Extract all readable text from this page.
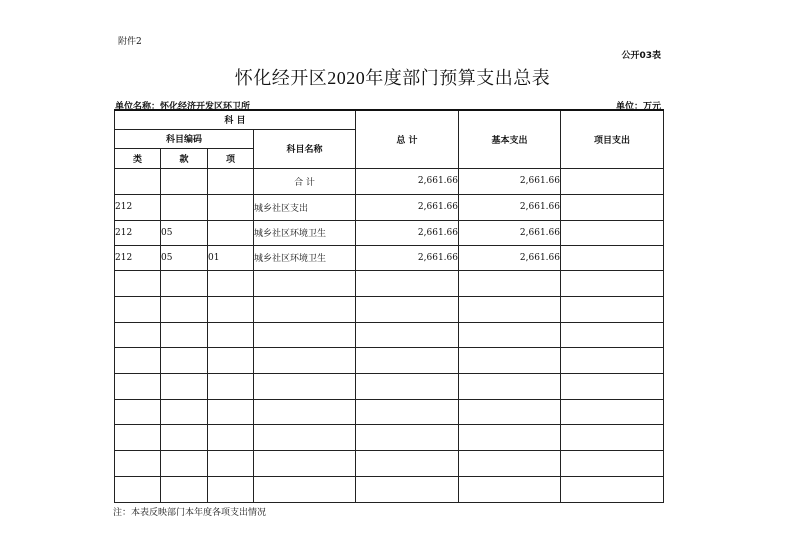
附件2
公开03表
怀化经开区2020年度部门预算支出总表
单位名称：怀化经济开发区环卫所	单位：万元
科 目				总 计	基本支出	项目支出
科目编码			科目名称			
类	款	项				
			合 计	2,661.66	2,661.66	
212			城乡社区支出	2,661.66	2,661.66	
212	05		城乡社区环境卫生	2,661.66	2,661.66	
212	05	01	城乡社区环境卫生	2,661.66	2,661.66	

注：本表反映部门本年度各项支出情况
